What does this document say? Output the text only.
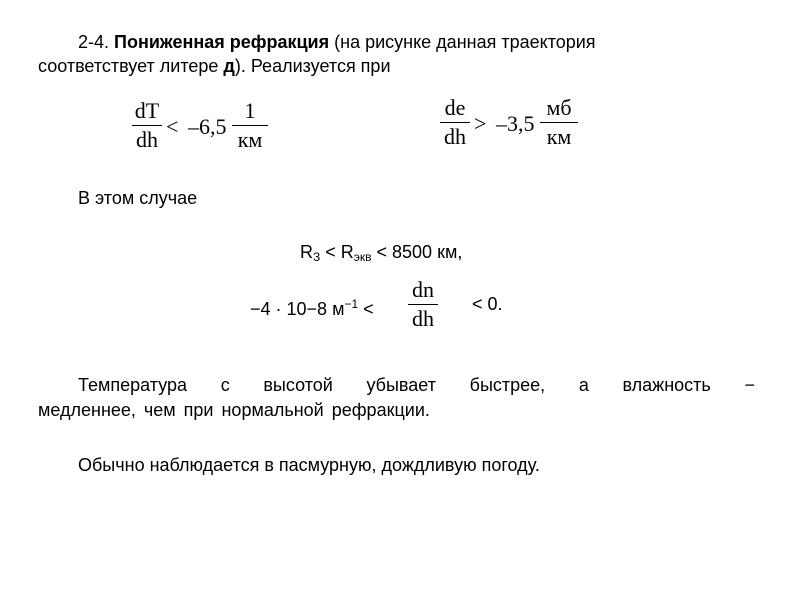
2-4. Пониженная рефракция (на рисунке данная траектория
соответствует литере д). Реализуется при
dT
dh
< –6,5
1
км
de
dh
> –3,5
мб
км
В этом случае
$R_З < R_{экв} < 8500$ км,
−4 · 10−8 $м^{-1}$ <
dn
dh
< 0.
Температура с высотой убывает быстрее, а влажность −
медленнее, чем при нормальной рефракции.
Обычно наблюдается в пасмурную, дождливую погоду.
